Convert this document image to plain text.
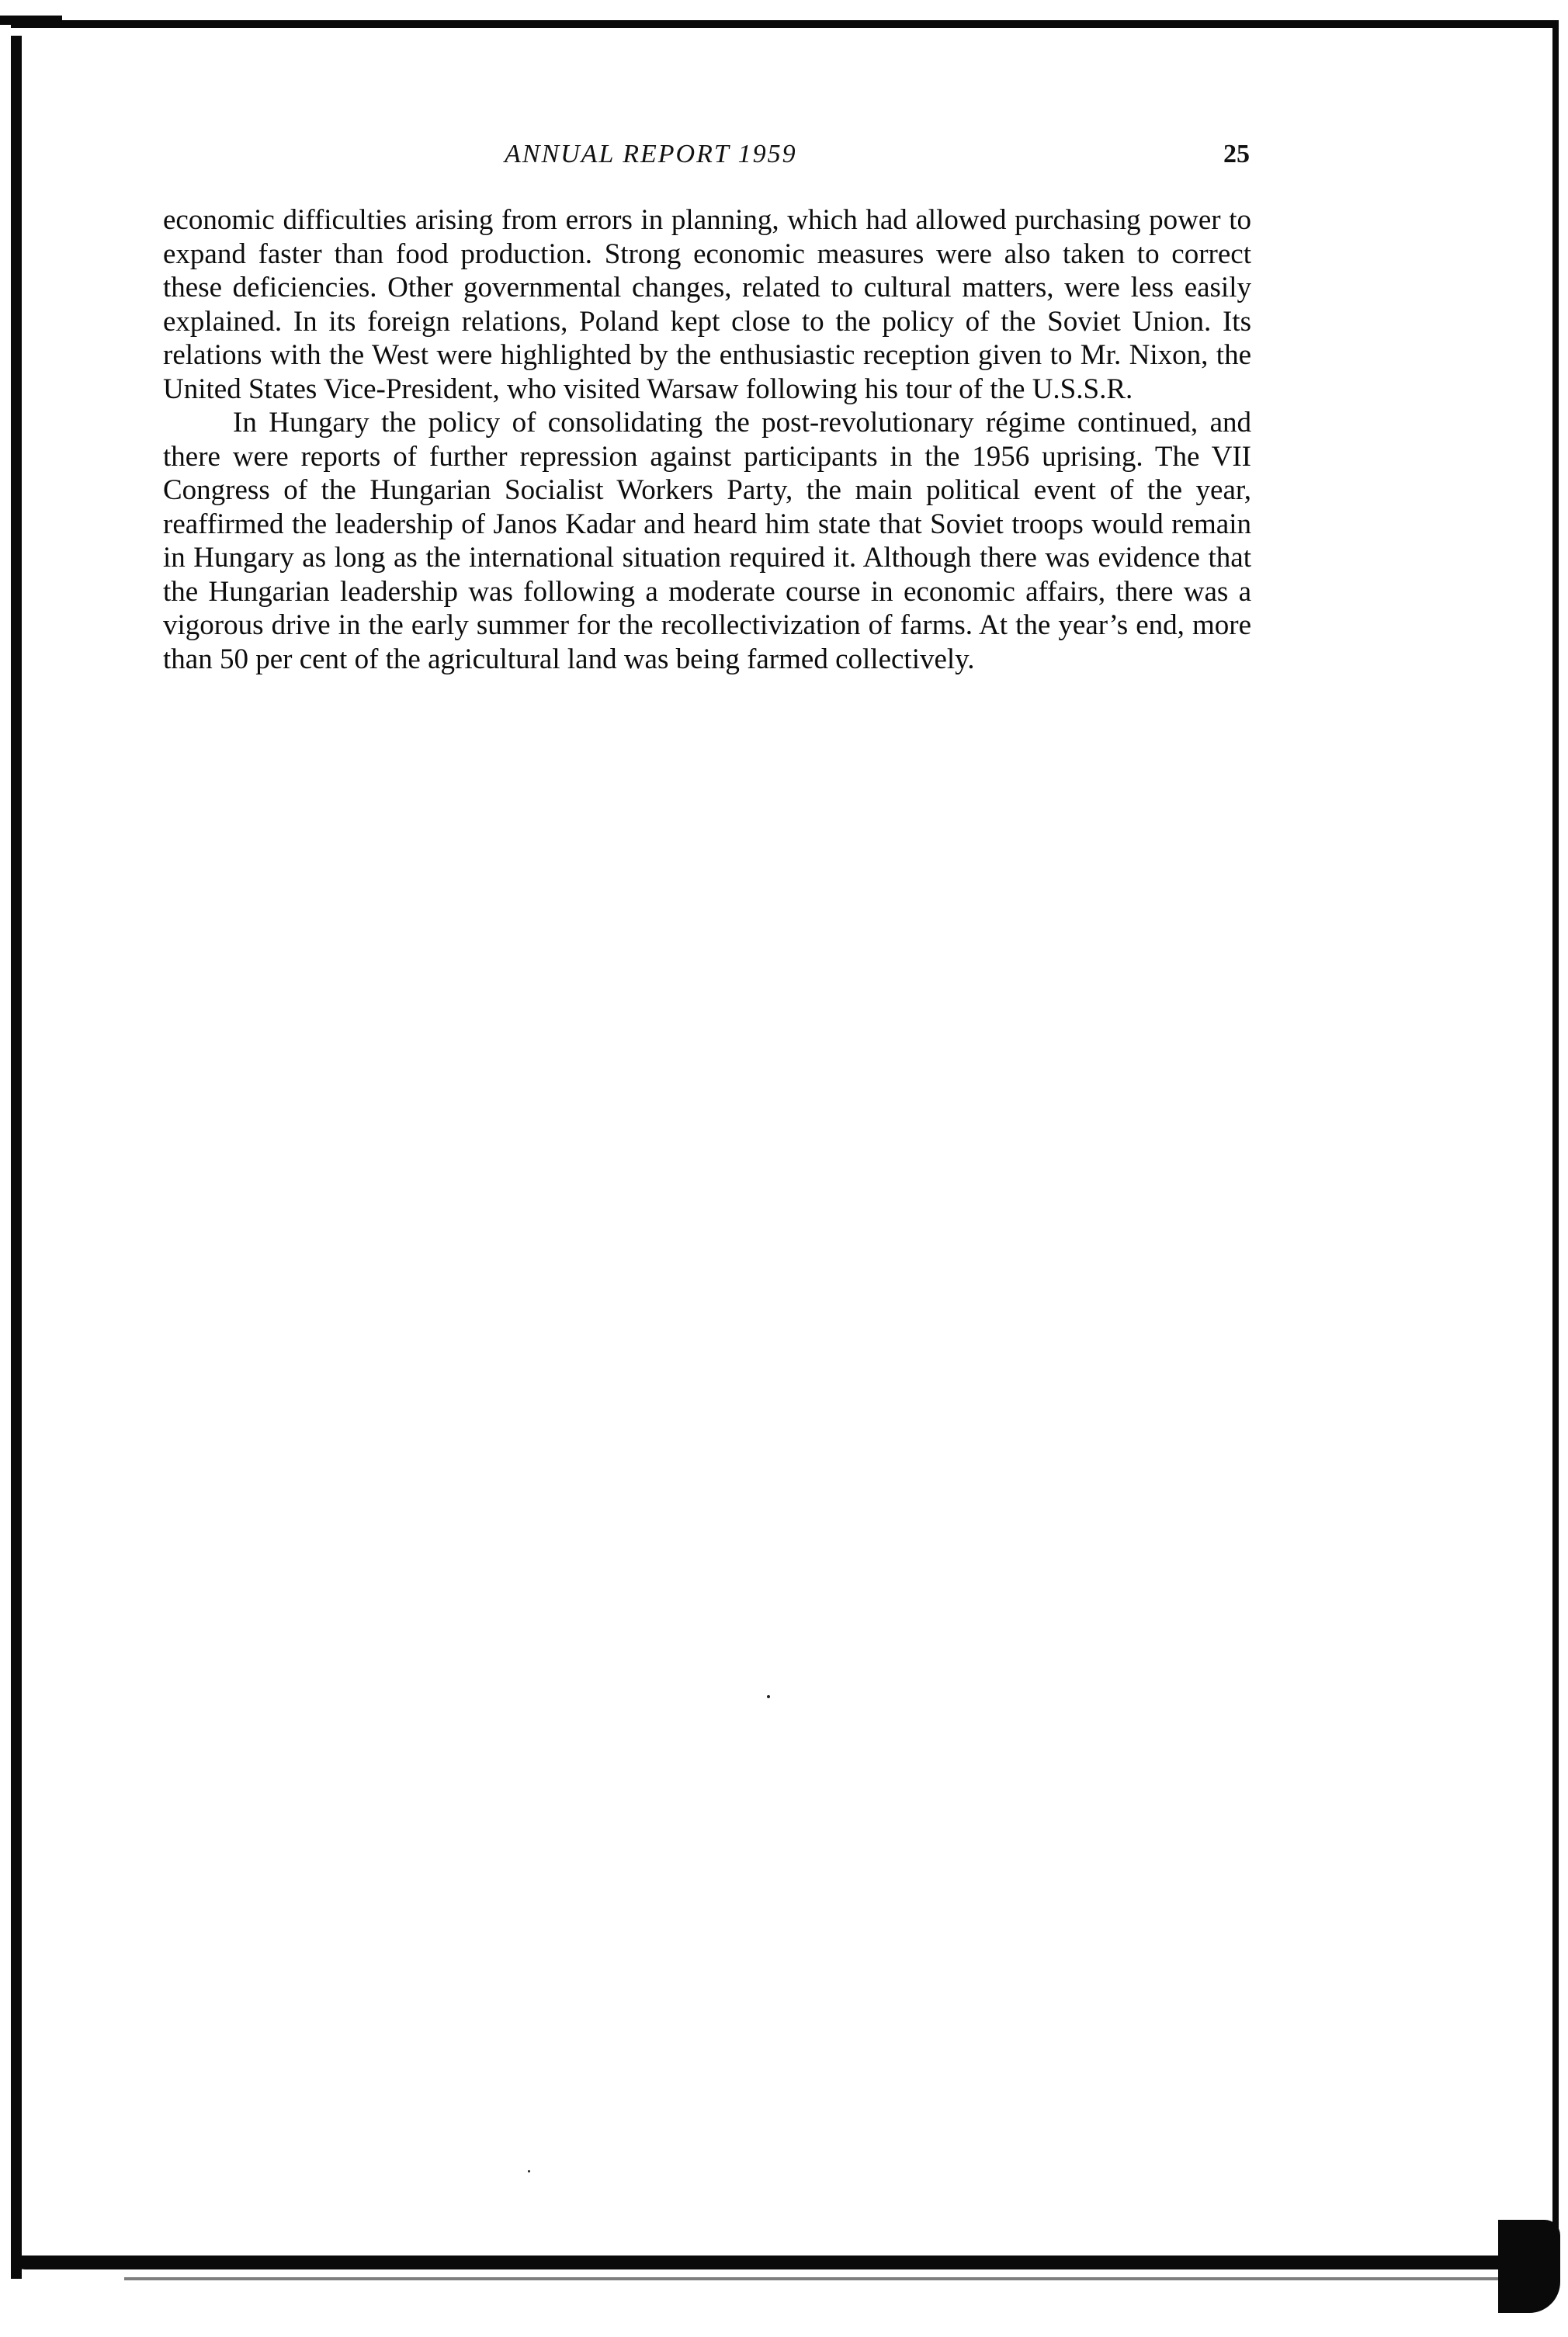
ANNUAL REPORT 1959	25

economic difficulties arising from errors in planning, which had allowed purchasing power to expand faster than food production. Strong economic measures were also taken to correct these deficiencies. Other governmental changes, related to cultural matters, were less easily explained. In its foreign relations, Poland kept close to the policy of the Soviet Union. Its relations with the West were highlighted by the enthusiastic reception given to Mr. Nixon, the United States Vice-President, who visited Warsaw following his tour of the U.S.S.R.

In Hungary the policy of consolidating the post-revolutionary régime continued, and there were reports of further repression against participants in the 1956 uprising. The VII Congress of the Hungarian Socialist Workers Party, the main political event of the year, reaffirmed the leadership of Janos Kadar and heard him state that Soviet troops would remain in Hungary as long as the international situation required it. Although there was evidence that the Hungarian leadership was following a moderate course in economic affairs, there was a vigorous drive in the early summer for the recollectivization of farms. At the year’s end, more than 50 per cent of the agricultural land was being farmed collectively.
